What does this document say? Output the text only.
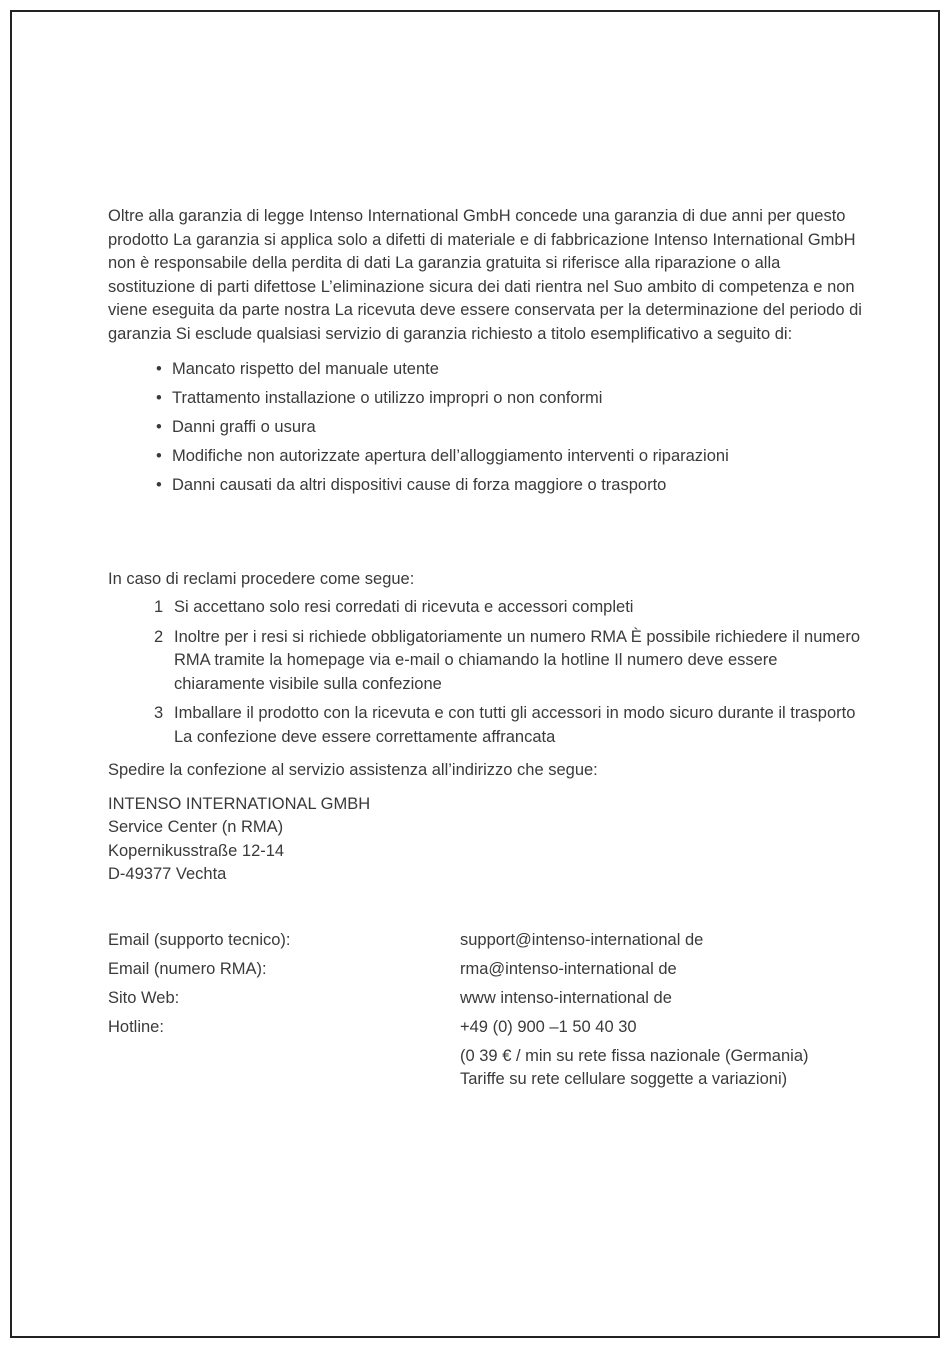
Oltre alla garanzia di legge Intenso International GmbH concede una garanzia di due anni per questo prodotto La garanzia si applica solo a difetti di materiale e di fabbricazione Intenso International GmbH non è responsabile della perdita di dati La garanzia gratuita si riferisce alla riparazione o alla sostituzione di parti difettose L’eliminazione sicura dei dati rientra nel Suo ambito di competenza e non viene eseguita da parte nostra La ricevuta deve essere conservata per la determinazione del periodo di garanzia Si esclude qualsiasi servizio di garanzia richiesto a titolo esemplificativo a seguito di:

• Mancato rispetto del manuale utente
• Trattamento installazione o utilizzo impropri o non conformi
• Danni graffi o usura
• Modifiche non autorizzate apertura dell’alloggiamento interventi o riparazioni
• Danni causati da altri dispositivi cause di forza maggiore o trasporto

In caso di reclami procedere come segue:

1 Si accettano solo resi corredati di ricevuta e accessori completi
2 Inoltre per i resi si richiede obbligatoriamente un numero RMA È possibile richiedere il numero RMA tramite la homepage via e-mail o chiamando la hotline Il numero deve essere chiaramente visibile sulla confezione
3 Imballare il prodotto con la ricevuta e con tutti gli accessori in modo sicuro durante il trasporto La confezione deve essere correttamente affrancata

Spedire la confezione al servizio assistenza all’indirizzo che segue:

INTENSO INTERNATIONAL GMBH
Service Center (n RMA)
Kopernikusstraße 12-14
D-49377 Vechta
Email (supporto tecnico):	support@intenso-international de
Email (numero RMA):	rma@intenso-international de
Sito Web:	www intenso-international de
Hotline:	+49 (0) 900 –1 50 40 30
(0 39 € / min su rete fissa nazionale (Germania)
Tariffe su rete cellulare soggette a variazioni)
